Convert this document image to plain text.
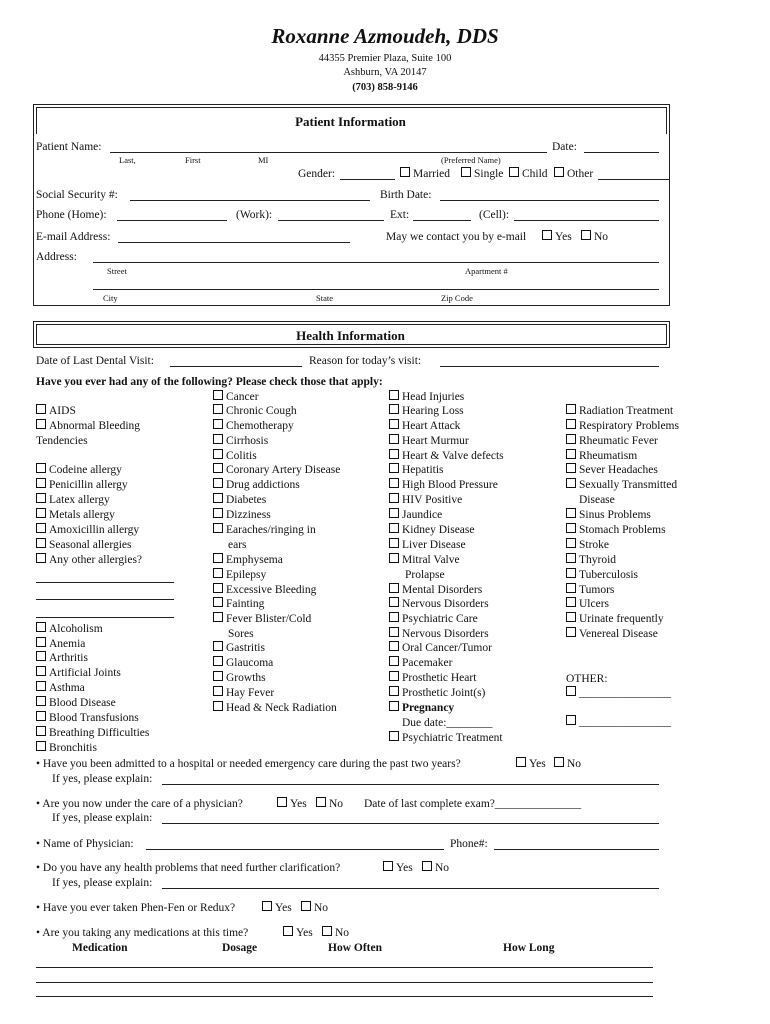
Roxanne Azmoudeh, DDS
44355 Premier Plaza, Suite 100
Ashburn, VA 20147
(703) 858-9146
Patient Information
Patient Name:	Date:
Last,	First	MI	(Preferred Name)
Gender:	Married	Single	Child	Other
Social Security #:	Birth Date:
Phone (Home):	(Work):	Ext:	(Cell):
E-mail Address:	May we contact you by e-mail	Yes	No
Address:
Street	Apartment #
City	State	Zip Code
Health Information
Date of Last Dental Visit:	Reason for today’s visit:
Have you ever had any of the following? Please check those that apply:
AIDS
Abnormal Bleeding
Codeine allergy
Penicillin allergy
Latex allergy
Metals allergy
Amoxicillin allergy
Seasonal allergies
Any other allergies?
Alcoholism
Anemia
Arthritis
Artificial Joints
Asthma
Blood Disease
Blood Transfusions
Breathing Difficulties
Bronchitis
Cancer
Chronic Cough
Chemotherapy
Cirrhosis
Colitis
Coronary Artery Disease
Drug addictions
Diabetes
Dizziness
Earaches/ringing in
Emphysema
Epilepsy
Excessive Bleeding
Fainting
Fever Blister/Cold
Gastritis
Glaucoma
Growths
Hay Fever
Head & Neck Radiation
Head Injuries
Hearing Loss
Heart Attack
Heart Murmur
Heart & Valve defects
Hepatitis
High Blood Pressure
HIV Positive
Jaundice
Kidney Disease
Liver Disease
Mitral Valve
Mental Disorders
Nervous Disorders
Psychiatric Care
Nervous Disorders
Oral Cancer/Tumor
Pacemaker
Prosthetic Heart
Prosthetic Joint(s)
Pregnancy
Psychiatric Treatment
Radiation Treatment
Respiratory Problems
Rheumatic Fever
Rheumatism
Sever Headaches
Sexually Transmitted
Sinus Problems
Stomach Problems
Stroke
Thyroid
Tuberculosis
Tumors
Ulcers
Urinate frequently
Venereal Disease
Tendencies
ears
Sores
Prolapse
Due date:________
Disease
OTHER:
________________
________________
• Have you been admitted to a hospital or needed emergency care during the past two years?	Yes	No
If yes, please explain:
• Are you now under the care of a physician?	Yes	No Date of last complete exam?_______________
If yes, please explain:
• Name of Physician:	Phone#:
• Do you have any health problems that need further clarification?	Yes	No
If yes, please explain:
• Have you ever taken Phen-Fen or Redux?	Yes	No
• Are you taking any medications at this time?	Yes	No
Medication	Dosage	How Often	How Long
